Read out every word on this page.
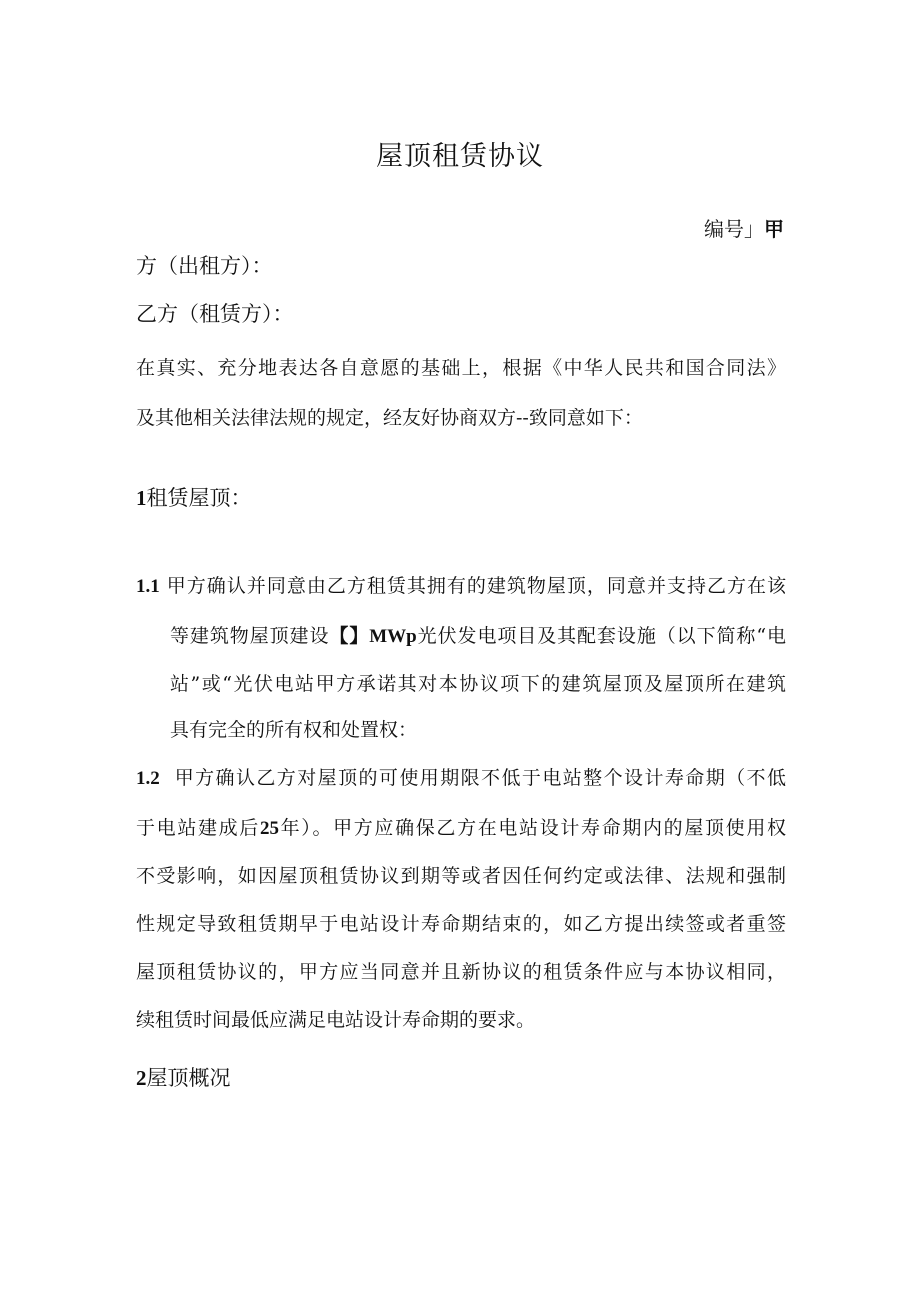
屋顶租赁协议
编号」甲
方（出租方）：
乙方（租赁方）：
在真实、充分地表达各自意愿的基础上，根据《中华人民共和国合同法》
及其他相关法律法规的规定，经友好协商双方--致同意如下：
1租赁屋顶：
1.1 甲方确认并同意由乙方租赁其拥有的建筑物屋顶，同意并支持乙方在该
等建筑物屋顶建设【】MWp光伏发电项目及其配套设施（以下简称“电
站”或“光伏电站甲方承诺其对本协议项下的建筑屋顶及屋顶所在建筑
具有完全的所有权和处置权：
1.2 甲方确认乙方对屋顶的可使用期限不低于电站整个设计寿命期（不低
于电站建成后25年）。甲方应确保乙方在电站设计寿命期内的屋顶使用权
不受影响，如因屋顶租赁协议到期等或者因任何约定或法律、法规和强制
性规定导致租赁期早于电站设计寿命期结束的，如乙方提出续签或者重签
屋顶租赁协议的，甲方应当同意并且新协议的租赁条件应与本协议相同，
续租赁时间最低应满足电站设计寿命期的要求。
2屋顶概况
